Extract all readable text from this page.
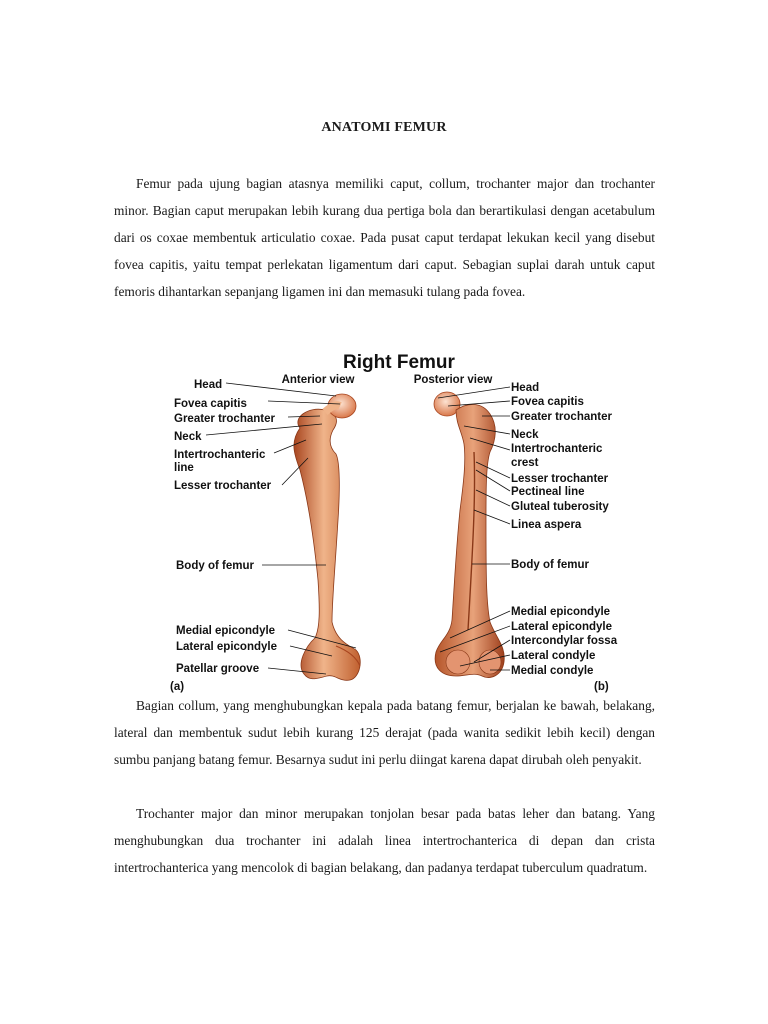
ANATOMI FEMUR

Femur pada ujung bagian atasnya memiliki caput, collum, trochanter major dan trochanter minor. Bagian caput merupakan lebih kurang dua pertiga bola dan berartikulasi dengan acetabulum dari os coxae membentuk articulatio coxae. Pada pusat caput terdapat lekukan kecil yang disebut fovea capitis, yaitu tempat perlekatan ligamentum dari caput. Sebagian suplai darah untuk caput femoris dihantarkan sepanjang ligamen ini dan memasuki tulang pada fovea.

Right Femur
Anterior view	Posterior view
Head
Fovea capitis
Greater trochanter
Neck
Intertrochanteric
line
Lesser trochanter
Body of femur
Medial epicondyle
Lateral epicondyle
Patellar groove
(a)
Head
Fovea capitis
Greater trochanter
Neck
Intertrochanteric
crest
Lesser trochanter
Pectineal line
Gluteal tuberosity
Linea aspera
Body of femur
Medial epicondyle
Lateral epicondyle
Intercondylar fossa
Lateral condyle
Medial condyle
(b)

Bagian collum, yang menghubungkan kepala pada batang femur, berjalan ke bawah, belakang, lateral dan membentuk sudut lebih kurang 125 derajat (pada wanita sedikit lebih kecil) dengan sumbu panjang batang femur. Besarnya sudut ini perlu diingat karena dapat dirubah oleh penyakit.

Trochanter major dan minor merupakan tonjolan besar pada batas leher dan batang. Yang menghubungkan dua trochanter ini adalah linea intertrochanterica di depan dan crista intertrochanterica yang mencolok di bagian belakang, dan padanya terdapat tuberculum quadratum.
